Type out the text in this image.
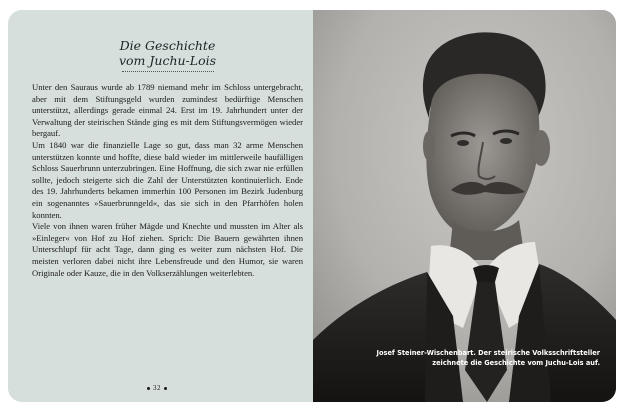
Die Geschichte
vom Juchu-Lois

Unter den Sauraus wurde ab 1789 niemand mehr im Schloss untergebracht, aber mit dem Stiftungsgeld wurden zumindest bedürftige Menschen unterstützt, allerdings gerade einmal 24. Erst im 19. Jahrhundert unter der Verwaltung der steirischen Stände ging es mit dem Stiftungsvermögen wieder bergauf.

Um 1840 war die finanzielle Lage so gut, dass man 32 arme Menschen unterstützen konnte und hoffte, diese bald wieder im mittlerweile baufälligen Schloss Sauerbrunn unterzubringen. Eine Hoffnung, die sich zwar nie erfüllen sollte, jedoch steigerte sich die Zahl der Unterstützten kontinuierlich. Ende des 19. Jahrhunderts bekamen immerhin 100 Personen im Bezirk Judenburg ein sogenanntes »Sauerbrunngeld«, das sie sich in den Pfarrhöfen holen konnten.

Viele von ihnen waren früher Mägde und Knechte und mussten im Alter als »Einleger« von Hof zu Hof ziehen. Sprich: Die Bauern gewährten ihnen Unterschlupf für acht Tage, dann ging es weiter zum nächsten Hof. Die meisten verloren dabei nicht ihre Lebensfreude und den Humor, sie waren Originale oder Kauze, die in den Volkserzählungen weiterlebten.

32
Josef Steiner-Wischenbart. Der steirische Volksschriftsteller
zeichnete die Geschichte vom Juchu-Lois auf.
